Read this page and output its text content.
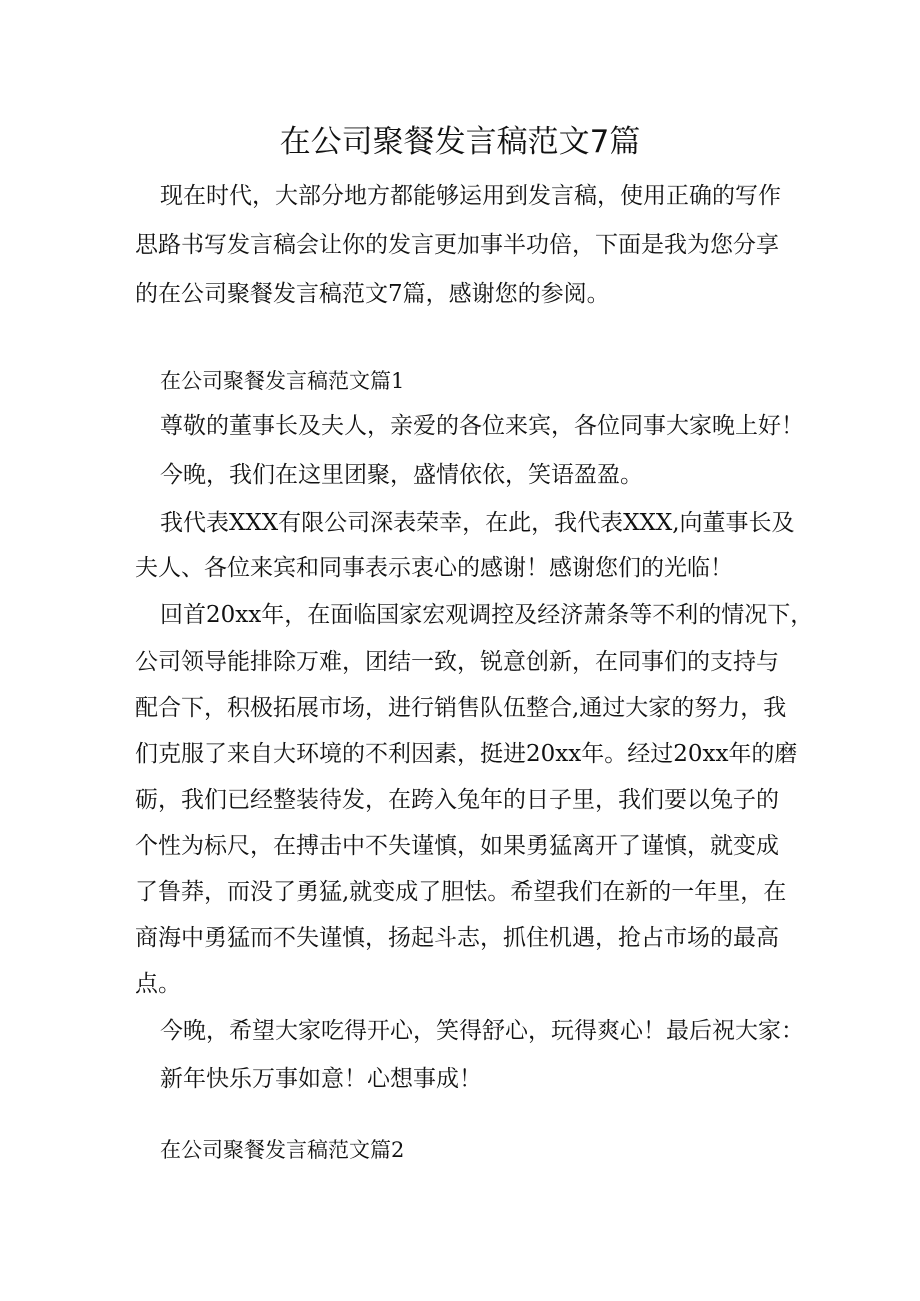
在公司聚餐发言稿范文7篇
现在时代，大部分地方都能够运用到发言稿，使用正确的写作
思路书写发言稿会让你的发言更加事半功倍，下面是我为您分享
的在公司聚餐发言稿范文7篇，感谢您的参阅。
在公司聚餐发言稿范文篇1
尊敬的董事长及夫人，亲爱的各位来宾，各位同事大家晚上好！
今晚，我们在这里团聚，盛情依依，笑语盈盈。
我代表XXX有限公司深表荣幸，在此，我代表XXX,向董事长及
夫人、各位来宾和同事表示衷心的感谢！感谢您们的光临！
回首20xx年，在面临国家宏观调控及经济萧条等不利的情况下，
公司领导能排除万难，团结一致，锐意创新，在同事们的支持与
配合下，积极拓展市场，进行销售队伍整合,通过大家的努力，我
们克服了来自大环境的不利因素，挺进20xx年。经过20xx年的磨
砺，我们已经整装待发，在跨入兔年的日子里，我们要以兔子的
个性为标尺，在搏击中不失谨慎，如果勇猛离开了谨慎，就变成
了鲁莽，而没了勇猛,就变成了胆怯。希望我们在新的一年里，在
商海中勇猛而不失谨慎，扬起斗志，抓住机遇，抢占市场的最高
点。
今晚，希望大家吃得开心，笑得舒心，玩得爽心！最后祝大家：
新年快乐万事如意！心想事成！
在公司聚餐发言稿范文篇2
